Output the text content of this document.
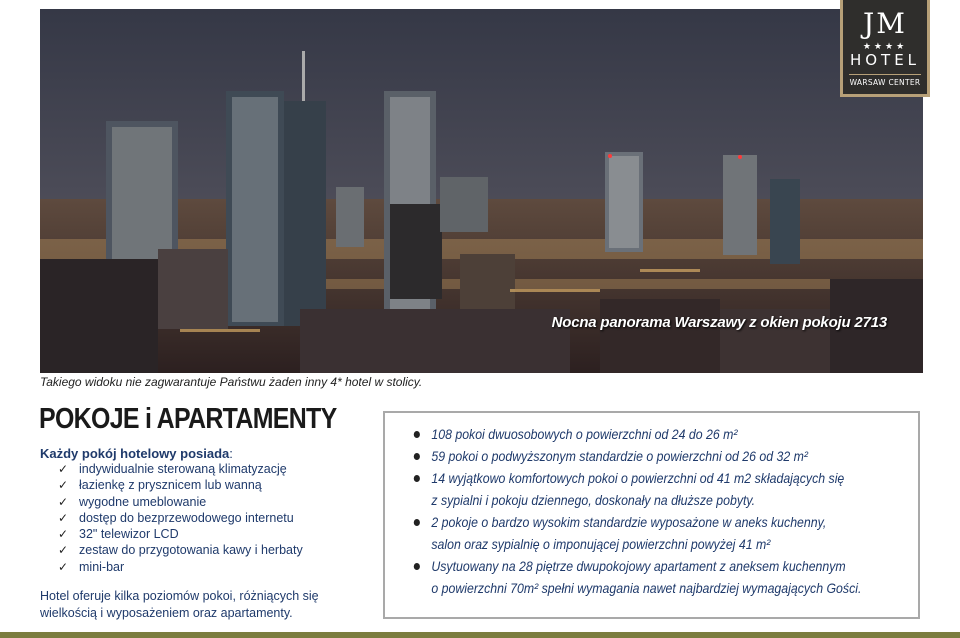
Nocna panorama Warszawy z okien pokoju 2713
JM
★★★★
HOTEL
WARSAW CENTER
Takiego widoku nie zagwarantuje Państwu żaden inny 4* hotel w stolicy.
POKOJE i APARTAMENTY
Każdy pokój hotelowy posiada:
✓ indywidualnie sterowaną klimatyzację
✓ łazienkę z prysznicem lub wanną
✓ wygodne umeblowanie
✓ dostęp do bezprzewodowego internetu
✓ 32" telewizor LCD
✓ zestaw do przygotowania kawy i herbaty
✓ mini-bar
Hotel oferuje kilka poziomów pokoi, różniących się wielkością i wyposażeniem oraz apartamenty.
108 pokoi dwuosobowych o powierzchni od 24 do 26 m²
59 pokoi o podwyższonym standardzie o powierzchni od 26 od 32 m²
14 wyjątkowo komfortowych pokoi o powierzchni od 41 m2 składających się
z sypialni i pokoju dziennego, doskonały na dłuższe pobyty.
2 pokoje o bardzo wysokim standardzie wyposażone w aneks kuchenny,
salon oraz sypialnię o imponującej powierzchni powyżej 41 m²
Usytuowany na 28 piętrze dwupokojowy apartament z aneksem kuchennym
o powierzchni 70m² spełni wymagania nawet najbardziej wymagających Gości.
